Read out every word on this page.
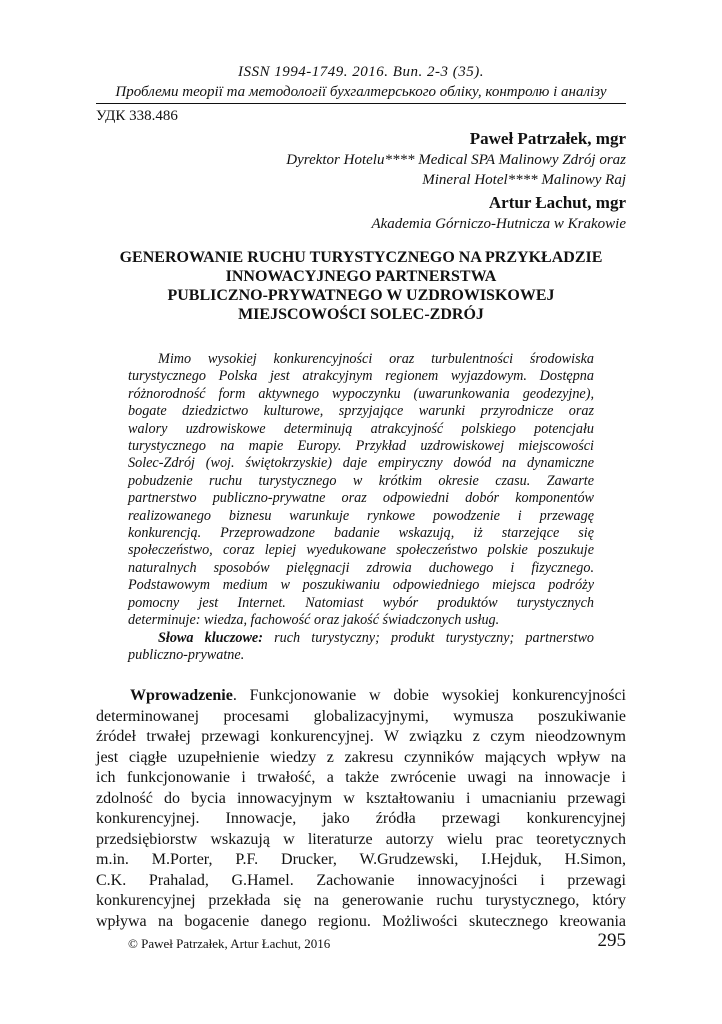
ISSN 1994-1749. 2016. Вип. 2-3 (35).
Проблеми теорії та методології бухгалтерського обліку, контролю і аналізу
УДК 338.486
Paweł Patrzałek, mgr
Dyrektor Hotelu**** Medical SPA Malinowy Zdrój oraz
Mineral Hotel**** Malinowy Raj
Artur Łachut, mgr
Akademia Górniczo-Hutnicza w Krakowie
GENEROWANIE RUCHU TURYSTYCZNEGO NA PRZYKŁADZIE
INNOWACYJNEGO PARTNERSTWA
PUBLICZNO-PRYWATNEGO W UZDROWISKOWEJ
MIEJSCOWOŚCI SOLEC-ZDRÓJ
Mimo wysokiej konkurencyjności oraz turbulentności środowiska
turystycznego Polska jest atrakcyjnym regionem wyjazdowym. Dostępna
różnorodność form aktywnego wypoczynku (uwarunkowania geodezyjne),
bogate dziedzictwo kulturowe, sprzyjające warunki przyrodnicze oraz
walory uzdrowiskowe determinują atrakcyjność polskiego potencjału
turystycznego na mapie Europy. Przykład uzdrowiskowej miejscowości
Solec-Zdrój (woj. świętokrzyskie) daje empiryczny dowód na dynamiczne
pobudzenie ruchu turystycznego w krótkim okresie czasu. Zawarte
partnerstwo publiczno-prywatne oraz odpowiedni dobór komponentów
realizowanego biznesu warunkuje rynkowe powodzenie i przewagę
konkurencją. Przeprowadzone badanie wskazują, iż starzejące się
społeczeństwo, coraz lepiej wyedukowane społeczeństwo polskie poszukuje
naturalnych sposobów pielęgnacji zdrowia duchowego i fizycznego.
Podstawowym medium w poszukiwaniu odpowiedniego miejsca podróży
pomocny jest Internet. Natomiast wybór produktów turystycznych
determinuje: wiedza, fachowość oraz jakość świadczonych usług.
Słowa kluczowe: ruch turystyczny; produkt turystyczny; partnerstwo
publiczno-prywatne.
Wprowadzenie. Funkcjonowanie w dobie wysokiej konkurencyjności
determinowanej procesami globalizacyjnymi, wymusza poszukiwanie
źródeł trwałej przewagi konkurencyjnej. W związku z czym nieodzownym
jest ciągłe uzupełnienie wiedzy z zakresu czynników mających wpływ na
ich funkcjonowanie i trwałość, a także zwrócenie uwagi na innowacje i
zdolność do bycia innowacyjnym w kształtowaniu i umacnianiu przewagi
konkurencyjnej. Innowacje, jako źródła przewagi konkurencyjnej
przedsiębiorstw wskazują w literaturze autorzy wielu prac teoretycznych
m.in. M.Porter, P.F. Drucker, W.Grudzewski, I.Hejduk, H.Simon,
C.K. Prahalad, G.Hamel. Zachowanie innowacyjności i przewagi
konkurencyjnej przekłada się na generowanie ruchu turystycznego, który
wpływa na bogacenie danego regionu. Możliwości skutecznego kreowania
© Paweł Patrzałek, Artur Łachut, 2016	295
